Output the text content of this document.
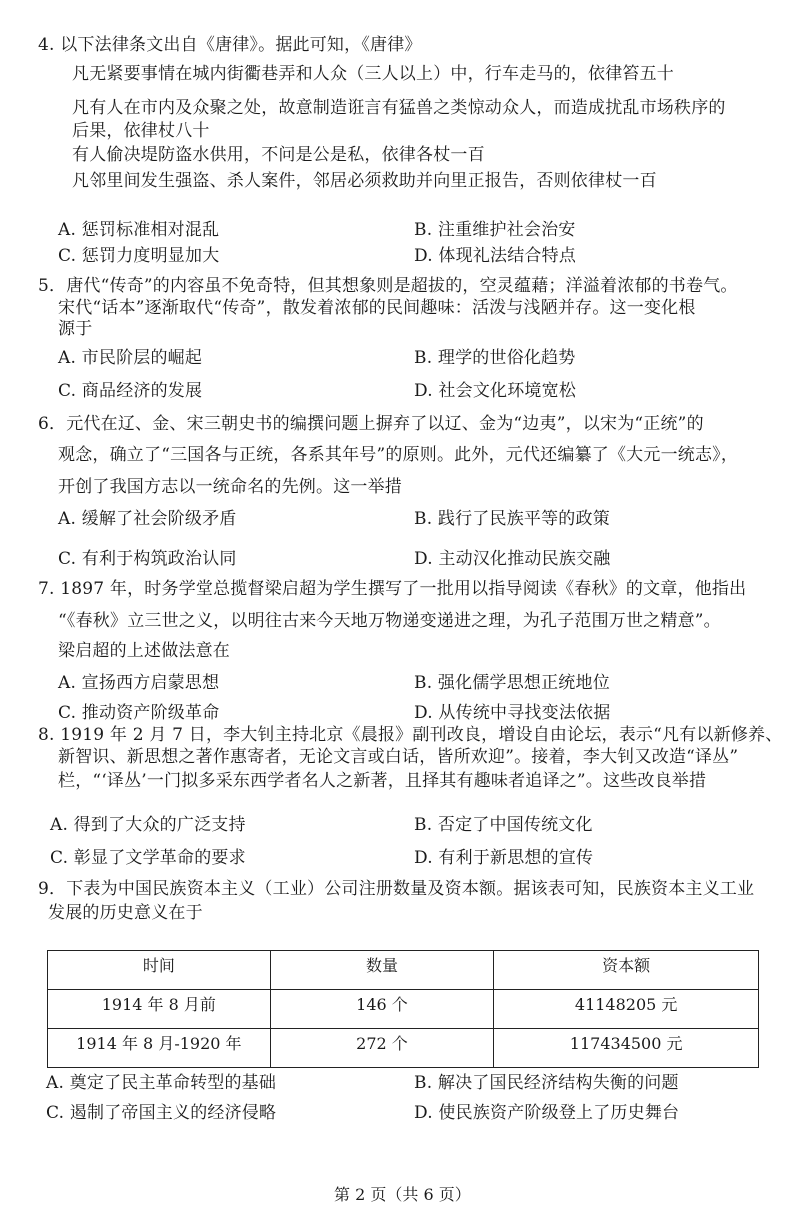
4. 以下法律条文出自《唐律》。据此可知，《唐律》
凡无紧要事情在城内街衢巷弄和人众（三人以上）中，行车走马的，依律笞五十
凡有人在市内及众聚之处，故意制造诳言有猛兽之类惊动众人，而造成扰乱市场秩序的
后果，依律杖八十
有人偷决堤防盗水供用，不问是公是私，依律各杖一百
凡邻里间发生强盗、杀人案件，邻居必须救助并向里正报告，否则依律杖一百
A. 惩罚标准相对混乱	B. 注重维护社会治安
C. 惩罚力度明显加大	D. 体现礼法结合特点
5．唐代“传奇”的内容虽不免奇特，但其想象则是超拔的，空灵蕴藉；洋溢着浓郁的书卷气。
宋代“话本”逐渐取代“传奇”，散发着浓郁的民间趣味：活泼与浅陋并存。这一变化根
源于
A. 市民阶层的崛起	B. 理学的世俗化趋势
C. 商品经济的发展	D. 社会文化环境宽松
6．元代在辽、金、宋三朝史书的编撰问题上摒弃了以辽、金为“边夷”，以宋为“正统”的
观念，确立了“三国各与正统，各系其年号”的原则。此外，元代还编纂了《大元一统志》，
开创了我国方志以一统命名的先例。这一举措
A. 缓解了社会阶级矛盾	B. 践行了民族平等的政策
C. 有利于构筑政治认同	D. 主动汉化推动民族交融
7. 1897 年，时务学堂总揽督梁启超为学生撰写了一批用以指导阅读《春秋》的文章，他指出
“《春秋》立三世之义，以明往古来今天地万物递变递进之理，为孔子范围万世之精意”。
梁启超的上述做法意在
A. 宣扬西方启蒙思想	B. 强化儒学思想正统地位
C. 推动资产阶级革命	D. 从传统中寻找变法依据
8. 1919 年 2 月 7 日，李大钊主持北京《晨报》副刊改良，增设自由论坛，表示“凡有以新修养、
新智识、新思想之著作惠寄者，无论文言或白话，皆所欢迎”。接着，李大钊又改造“译丛”
栏，“‘译丛’一门拟多采东西学者名人之新著，且择其有趣味者追译之”。这些改良举措
A. 得到了大众的广泛支持	B. 否定了中国传统文化
C. 彰显了文学革命的要求	D. 有利于新思想的宣传
9．下表为中国民族资本主义（工业）公司注册数量及资本额。据该表可知，民族资本主义工业
发展的历史意义在于
时间	数量	资本额
1914 年 8 月前	146 个	41148205 元
1914 年 8 月-1920 年	272 个	117434500 元
A. 奠定了民主革命转型的基础	B. 解决了国民经济结构失衡的问题
C. 遏制了帝国主义的经济侵略	D. 使民族资产阶级登上了历史舞台
第 2 页（共 6 页）
